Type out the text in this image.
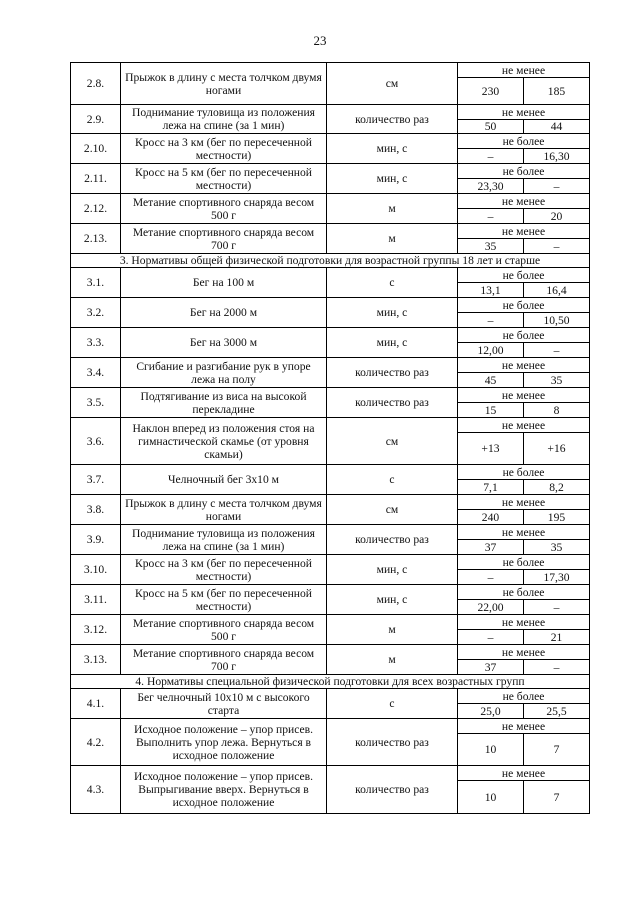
23
2.8.	Прыжок в длину с места толчком двумя ногами	см	не менее	
			230	185
2.9.	Поднимание туловища из положения лежа на спине (за 1 мин)	количество раз	не менее	
			50	44
2.10.	Кросс на 3 км (бег по пересеченной местности)	мин, с	не более	
			–	16,30
2.11.	Кросс на 5 км (бег по пересеченной местности)	мин, с	не более	
			23,30	–
2.12.	Метание спортивного снаряда весом 500 г	м	не менее	
			–	20
2.13.	Метание спортивного снаряда весом 700 г	м	не менее	
			35	–
3. Нормативы общей физической подготовки для возрастной группы 18 лет и старше				
3.1.	Бег на 100 м	с	не более	
			13,1	16,4
3.2.	Бег на 2000 м	мин, с	не более	
			–	10,50
3.3.	Бег на 3000 м	мин, с	не более	
			12,00	–
3.4.	Сгибание и разгибание рук в упоре лежа на полу	количество раз	не менее	
			45	35
3.5.	Подтягивание из виса на высокой перекладине	количество раз	не менее	
			15	8
3.6.	Наклон вперед из положения стоя на гимнастической скамье (от уровня скамьи)	см	не менее	
			+13	+16
3.7.	Челночный бег 3х10 м	с	не более	
			7,1	8,2
3.8.	Прыжок в длину с места толчком двумя ногами	см	не менее	
			240	195
3.9.	Поднимание туловища из положения лежа на спине (за 1 мин)	количество раз	не менее	
			37	35
3.10.	Кросс на 3 км (бег по пересеченной местности)	мин, с	не более	
			–	17,30
3.11.	Кросс на 5 км (бег по пересеченной местности)	мин, с	не более	
			22,00	–
3.12.	Метание спортивного снаряда весом 500 г	м	не менее	
			–	21
3.13.	Метание спортивного снаряда весом 700 г	м	не менее	
			37	–
4. Нормативы специальной физической подготовки для всех возрастных групп				
4.1.	Бег челночный 10х10 м с высокого старта	с	не более	
			25,0	25,5
4.2.	Исходное положение – упор присев. Выполнить упор лежа. Вернуться в исходное положение	количество раз	не менее	
			10	7
4.3.	Исходное положение – упор присев. Выпрыгивание вверх. Вернуться в исходное положение	количество раз	не менее	
			10	7
